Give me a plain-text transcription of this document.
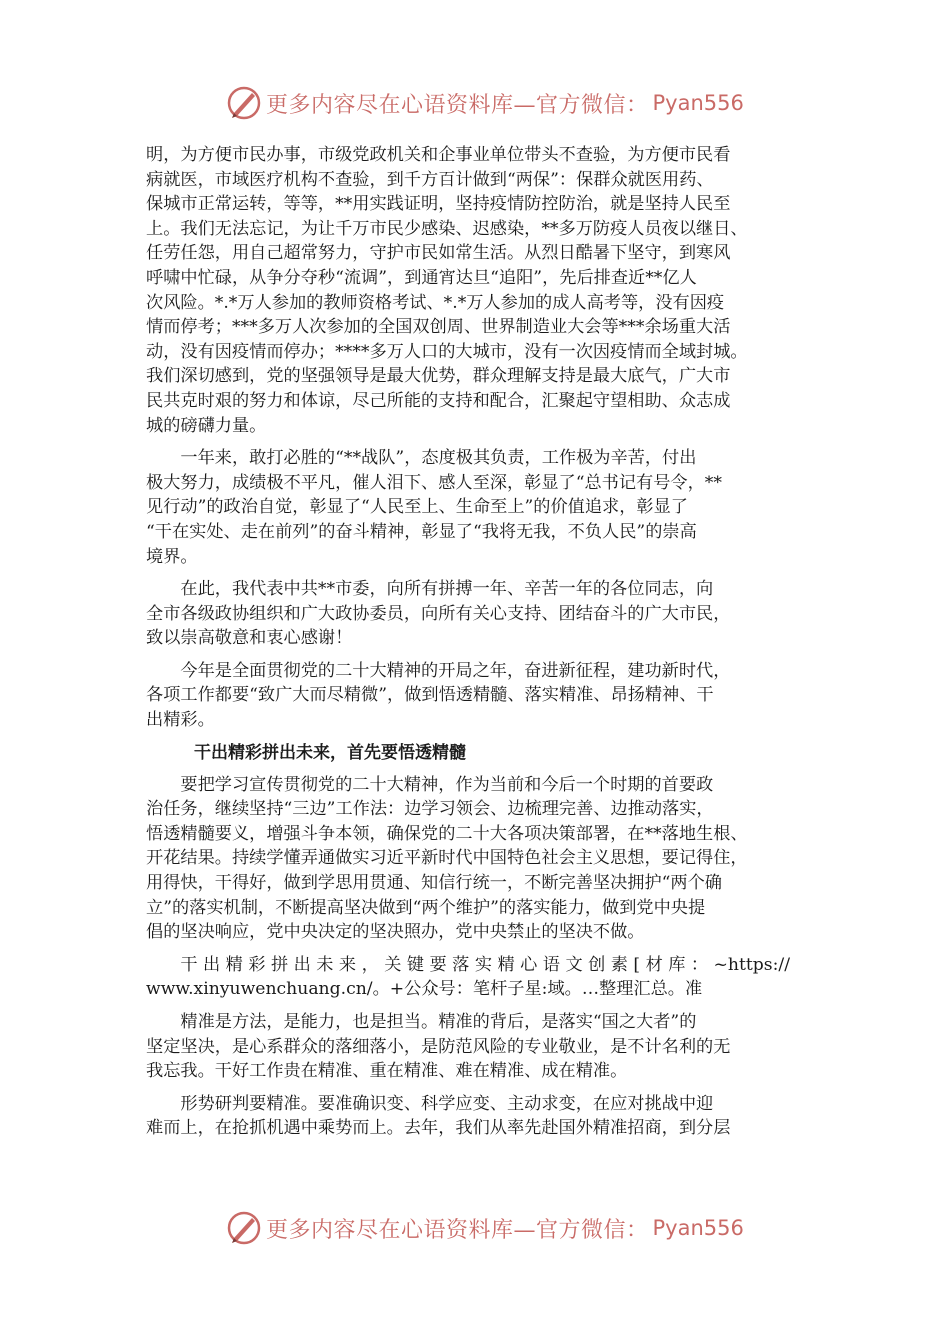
更多内容尽在心语资料库—官方微信： Pyan556
明，为方便市民办事，市级党政机关和企事业单位带头不查验，为方便市民看
病就医，市域医疗机构不查验，到千方百计做到“两保”：保群众就医用药、
保城市正常运转，等等，**用实践证明，坚持疫情防控防治，就是坚持人民至
上。我们无法忘记，为让千万市民少感染、迟感染，**多万防疫人员夜以继日、
任劳任怨，用自己超常努力，守护市民如常生活。从烈日酷暑下坚守，到寒风
呼啸中忙碌，从争分夺秒“流调”，到通宵达旦“追阳”，先后排查近**亿人
次风险。*.*万人参加的教师资格考试、*.*万人参加的成人高考等，没有因疫
情而停考；***多万人次参加的全国双创周、世界制造业大会等***余场重大活
动，没有因疫情而停办；****多万人口的大城市，没有一次因疫情而全域封城。
我们深切感到，党的坚强领导是最大优势，群众理解支持是最大底气，广大市
民共克时艰的努力和体谅，尽己所能的支持和配合，汇聚起守望相助、众志成
城的磅礴力量。
　　一年来，敢打必胜的“**战队”，态度极其负责，工作极为辛苦，付出
极大努力，成绩极不平凡，催人泪下、感人至深，彰显了“总书记有号令，**
见行动”的政治自觉，彰显了“人民至上、生命至上”的价值追求，彰显了
“干在实处、走在前列”的奋斗精神，彰显了“我将无我，不负人民”的崇高
境界。
　　在此，我代表中共**市委，向所有拼搏一年、辛苦一年的各位同志，向
全市各级政协组织和广大政协委员，向所有关心支持、团结奋斗的广大市民，
致以崇高敬意和衷心感谢！
　　今年是全面贯彻党的二十大精神的开局之年，奋进新征程，建功新时代，
各项工作都要“致广大而尽精微”，做到悟透精髓、落实精准、昂扬精神、干
出精彩。
干出精彩拼出未来，首先要悟透精髓
　　要把学习宣传贯彻党的二十大精神，作为当前和今后一个时期的首要政
治任务，继续坚持“三边”工作法：边学习领会、边梳理完善、边推动落实，
悟透精髓要义，增强斗争本领，确保党的二十大各项决策部署，在**落地生根、
开花结果。持续学懂弄通做实习近平新时代中国特色社会主义思想，要记得住，
用得快，干得好，做到学思用贯通、知信行统一，不断完善坚决拥护“两个确
立”的落实机制，不断提高坚决做到“两个维护”的落实能力，做到党中央提
倡的坚决响应，党中央决定的坚决照办，党中央禁止的坚决不做。
　　干 出 精 彩 拼 出 未 来 ， 关 键 要 落 实 精 心 语 文 创 素 [ 材 库 ： ~https://
www.xinyuwenchuang.cn/。+公众号：笔杆子星:域。…整理汇总。准
　　精准是方法，是能力，也是担当。精准的背后，是落实“国之大者”的
坚定坚决，是心系群众的落细落小，是防范风险的专业敬业，是不计名利的无
我忘我。干好工作贵在精准、重在精准、难在精准、成在精准。
　　形势研判要精准。要准确识变、科学应变、主动求变，在应对挑战中迎
难而上，在抢抓机遇中乘势而上。去年，我们从率先赴国外精准招商，到分层
更多内容尽在心语资料库—官方微信： Pyan556
